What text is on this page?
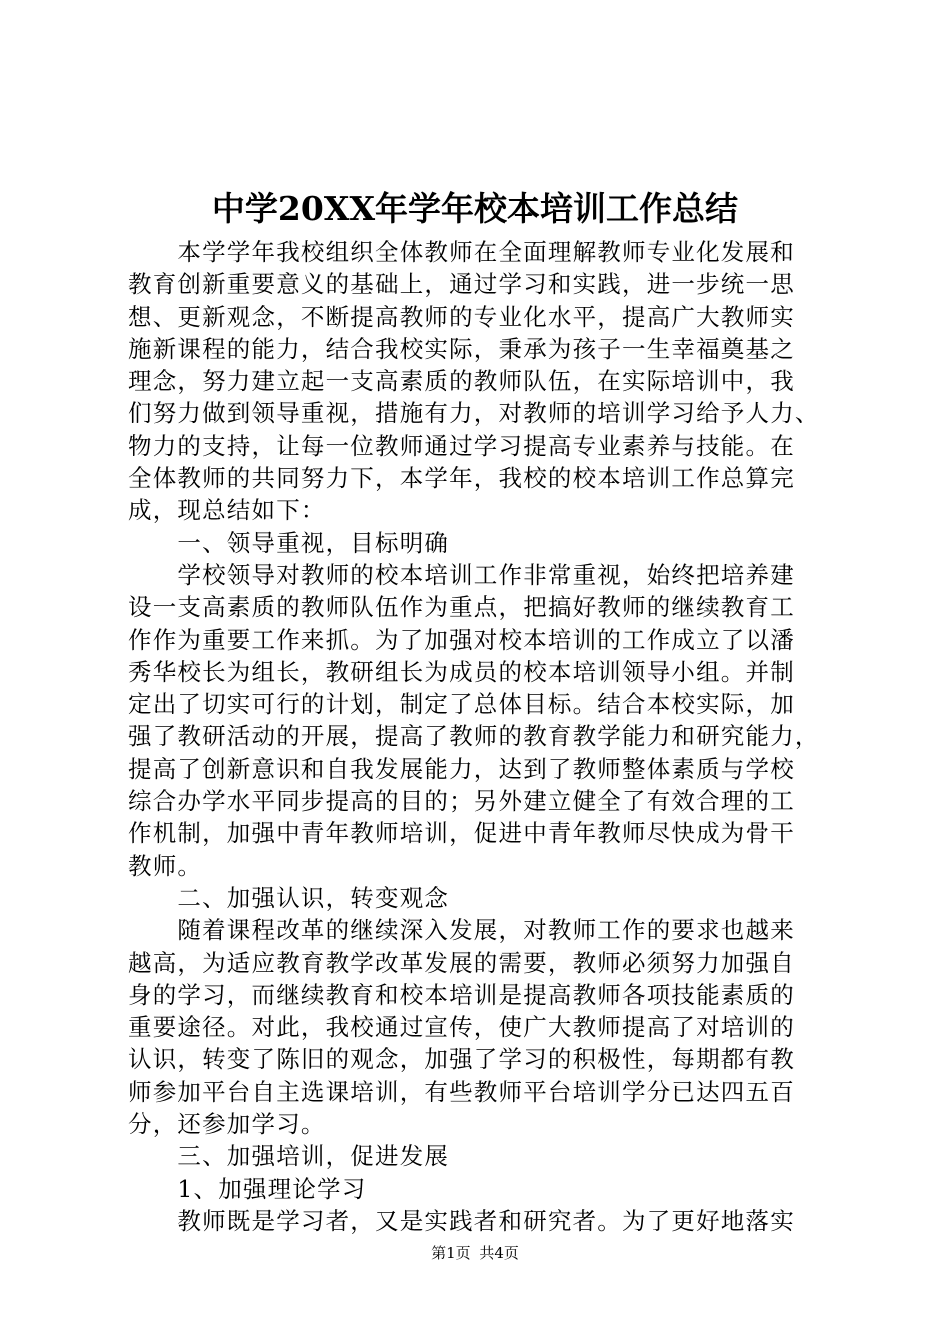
中学20XX年学年校本培训工作总结
　　本学学年我校组织全体教师在全面理解教师专业化发展和
教育创新重要意义的基础上，通过学习和实践，进一步统一思
想、更新观念，不断提高教师的专业化水平，提高广大教师实
施新课程的能力，结合我校实际，秉承为孩子一生幸福奠基之
理念，努力建立起一支高素质的教师队伍，在实际培训中，我
们努力做到领导重视，措施有力，对教师的培训学习给予人力、
物力的支持，让每一位教师通过学习提高专业素养与技能。在
全体教师的共同努力下，本学年，我校的校本培训工作总算完
成，现总结如下：
　　一、领导重视，目标明确
　　学校领导对教师的校本培训工作非常重视，始终把培养建
设一支高素质的教师队伍作为重点，把搞好教师的继续教育工
作作为重要工作来抓。为了加强对校本培训的工作成立了以潘
秀华校长为组长，教研组长为成员的校本培训领导小组。并制
定出了切实可行的计划，制定了总体目标。结合本校实际，加
强了教研活动的开展，提高了教师的教育教学能力和研究能力，
提高了创新意识和自我发展能力，达到了教师整体素质与学校
综合办学水平同步提高的目的；另外建立健全了有效合理的工
作机制，加强中青年教师培训，促进中青年教师尽快成为骨干
教师。
　　二、加强认识，转变观念
　　随着课程改革的继续深入发展，对教师工作的要求也越来
越高，为适应教育教学改革发展的需要，教师必须努力加强自
身的学习，而继续教育和校本培训是提高教师各项技能素质的
重要途径。对此，我校通过宣传，使广大教师提高了对培训的
认识，转变了陈旧的观念，加强了学习的积极性，每期都有教
师参加平台自主选课培训，有些教师平台培训学分已达四五百
分，还参加学习。
　　三、加强培训，促进发展
　　1、加强理论学习
　　教师既是学习者，又是实践者和研究者。为了更好地落实
第1页 共4页
